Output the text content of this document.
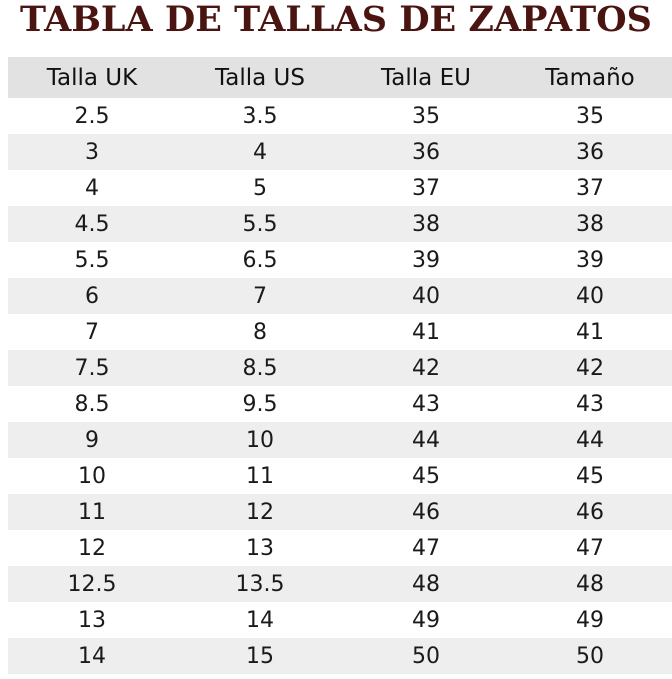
TABLA DE TALLAS DE ZAPATOS
Talla UK	Talla US	Talla EU	Tamaño
2.5	3.5	35	35
3	4	36	36
4	5	37	37
4.5	5.5	38	38
5.5	6.5	39	39
6	7	40	40
7	8	41	41
7.5	8.5	42	42
8.5	9.5	43	43
9	10	44	44
10	11	45	45
11	12	46	46
12	13	47	47
12.5	13.5	48	48
13	14	49	49
14	15	50	50
